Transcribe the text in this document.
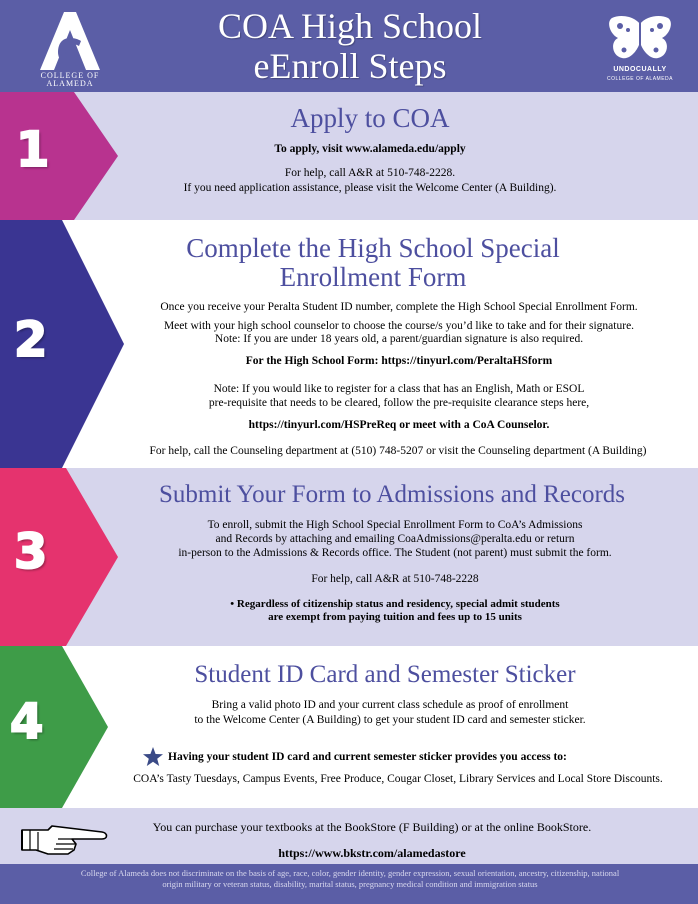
COLLEGE OF
ALAMEDA
COA High School
eEnroll Steps	UNDOCUALLY
COLLEGE OF ALAMEDA
1
Apply to COA
To apply, visit www.alameda.edu/apply
For help, call A&R at 510-748-2228.
If you need application assistance, please visit the Welcome Center (A Building).
2
Complete the High School Special
Enrollment Form
Once you receive your Peralta Student ID number, complete the High School Special Enrollment Form.
Meet with your high school counselor to choose the course/s you’d like to take and for their signature.
Note: If you are under 18 years old, a parent/guardian signature is also required.
For the High School Form: https://tinyurl.com/PeraltaHSform
Note: If you would like to register for a class that has an English, Math or ESOL
pre-requisite that needs to be cleared, follow the pre-requisite clearance steps here,
https://tinyurl.com/HSPreReq or meet with a CoA Counselor.
For help, call the Counseling department at (510) 748-5207 or visit the Counseling department (A Building)
3
Submit Your Form to Admissions and Records
To enroll, submit the High School Special Enrollment Form to CoA’s Admissions
and Records by attaching and emailing CoaAdmissions@peralta.edu or return
in-person to the Admissions & Records office. The Student (not parent) must submit the form.
For help, call A&R at 510-748-2228
• Regardless of citizenship status and residency, special admit students
are exempt from paying tuition and fees up to 15 units
4
Student ID Card and Semester Sticker
Bring a valid photo ID and your current class schedule as proof of enrollment
to the Welcome Center (A Building) to get your student ID card and semester sticker.
Having your student ID card and current semester sticker provides you access to:
COA’s Tasty Tuesdays, Campus Events, Free Produce, Cougar Closet, Library Services and Local Store Discounts.
You can purchase your textbooks at the BookStore (F Building) or at the online BookStore.
https://www.bkstr.com/alamedastore
College of Alameda does not discriminate on the basis of age, race, color, gender identity, gender expression, sexual orientation, ancestry, citizenship, national
origin military or veteran status, disability, marital status, pregnancy medical condition and immigration status
